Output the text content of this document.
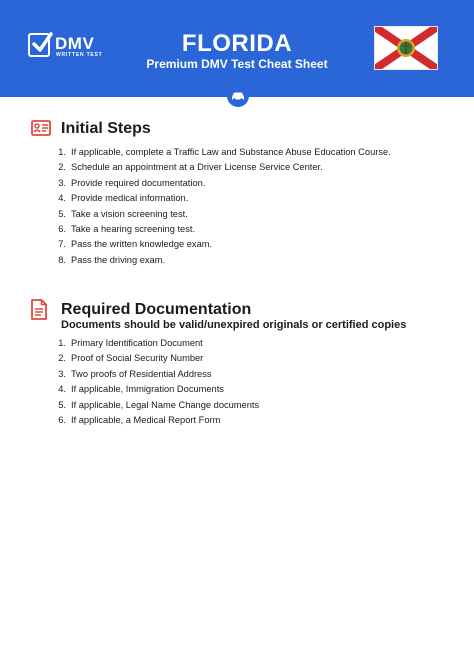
DMV
WRITTEN TEST	FLORIDA
Premium DMV Test Cheat Sheet
Initial Steps
1. If applicable, complete a Traffic Law and Substance Abuse Education Course.
2. Schedule an appointment at a Driver License Service Center.
3. Provide required documentation.
4. Provide medical information.
5. Take a vision screening test.
6. Take a hearing screening test.
7. Pass the written knowledge exam.
8. Pass the driving exam.
Required Documentation
Documents should be valid/unexpired originals or certified copies
1. Primary Identification Document
2. Proof of Social Security Number
3. Two proofs of Residential Address
4. If applicable, Immigration Documents
5. If applicable, Legal Name Change documents
6. If applicable, a Medical Report Form
